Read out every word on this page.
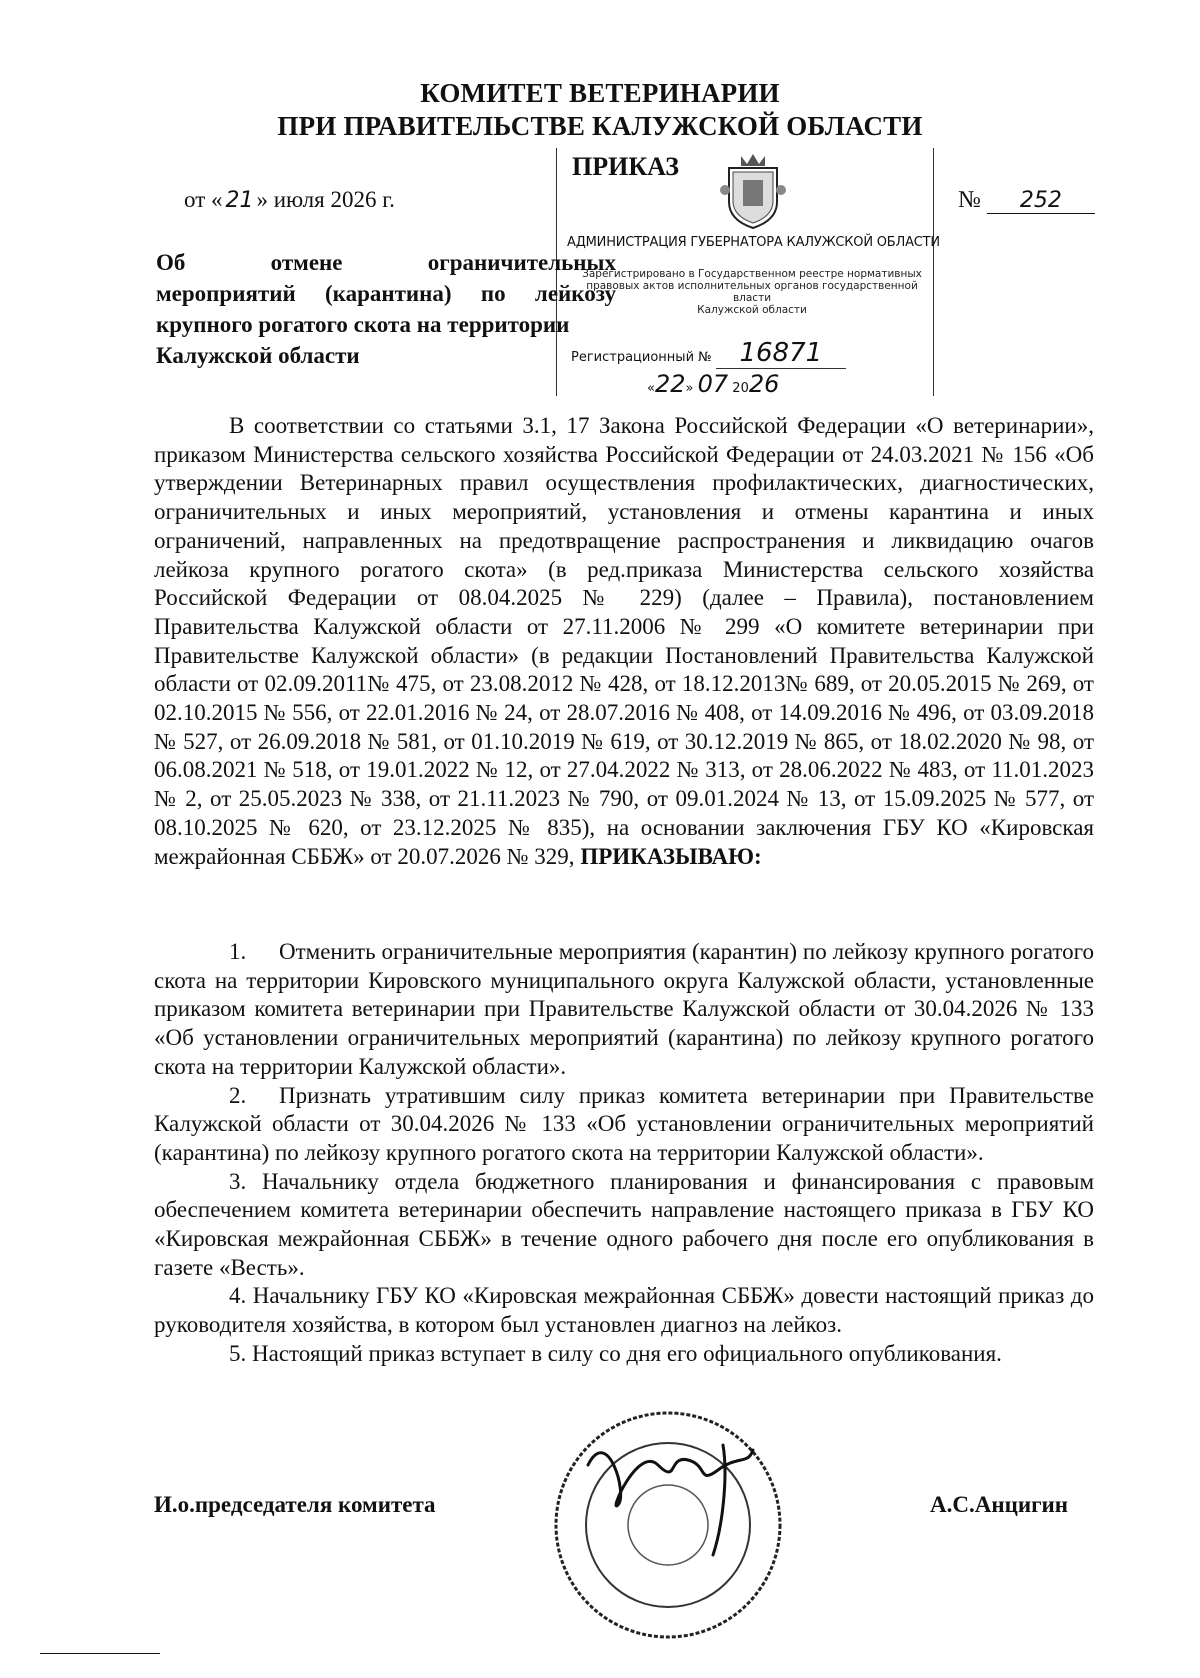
КОМИТЕТ ВЕТЕРИНАРИИ
ПРИ ПРАВИТЕЛЬСТВЕ КАЛУЖСКОЙ ОБЛАСТИ
АДМИНИСТРАЦИЯ ГУБЕРНАТОРА КАЛУЖСКОЙ ОБЛАСТИ
Зарегистрировано в Государственном реестре нормативных
правовых актов исполнительных органов государственной власти
Калужской области
Регистрационный № 16871
«22» 07 2026
ПРИКАЗ
от « 21 » июля 2026 г.	№ 252
Об отмене ограничительных
мероприятий (карантина) по лейкозу
крупного рогатого скота на территории
Калужской области
В соответствии со статьями 3.1, 17 Закона Российской Федерации «О ветеринарии», приказом Министерства сельского хозяйства Российской Федерации от 24.03.2021 № 156 «Об утверждении Ветеринарных правил осуществления профилактических, диагностических, ограничительных и иных мероприятий, установления и отмены карантина и иных ограничений, направленных на предотвращение распространения и ликвидацию очагов лейкоза крупного рогатого скота» (в ред.приказа Министерства сельского хозяйства Российской Федерации от 08.04.2025 № 229) (далее – Правила), постановлением Правительства Калужской области от 27.11.2006 № 299 «О комитете ветеринарии при Правительстве Калужской области» (в редакции Постановлений Правительства Калужской области от 02.09.2011№ 475, от 23.08.2012 № 428, от 18.12.2013№ 689, от 20.05.2015 № 269, от 02.10.2015 № 556, от 22.01.2016 № 24, от 28.07.2016 № 408, от 14.09.2016 № 496, от 03.09.2018 № 527, от 26.09.2018 № 581, от 01.10.2019 № 619, от 30.12.2019 № 865, от 18.02.2020 № 98, от 06.08.2021 № 518, от 19.01.2022 № 12, от 27.04.2022 № 313, от 28.06.2022 № 483, от 11.01.2023 № 2, от 25.05.2023 № 338, от 21.11.2023 № 790, от 09.01.2024 № 13, от 15.09.2025 № 577, от 08.10.2025 № 620, от 23.12.2025 № 835), на основании заключения ГБУ КО «Кировская межрайонная СББЖ» от 20.07.2026 № 329, ПРИКАЗЫВАЮ:
1. Отменить ограничительные мероприятия (карантин) по лейкозу крупного рогатого скота на территории Кировского муниципального округа Калужской области, установленные приказом комитета ветеринарии при Правительстве Калужской области от 30.04.2026 № 133 «Об установлении ограничительных мероприятий (карантина) по лейкозу крупного рогатого скота на территории Калужской области».
2. Признать утратившим силу приказ комитета ветеринарии при Правительстве Калужской области от 30.04.2026 № 133 «Об установлении ограничительных мероприятий (карантина) по лейкозу крупного рогатого скота на территории Калужской области».
3. Начальнику отдела бюджетного планирования и финансирования с правовым обеспечением комитета ветеринарии обеспечить направление настоящего приказа в ГБУ КО «Кировская межрайонная СББЖ» в течение одного рабочего дня после его опубликования в газете «Весть».
4. Начальнику ГБУ КО «Кировская межрайонная СББЖ» довести настоящий приказ до руководителя хозяйства, в котором был установлен диагноз на лейкоз.
5. Настоящий приказ вступает в силу со дня его официального опубликования.
И.о.председателя комитета	А.С.Анцигин
